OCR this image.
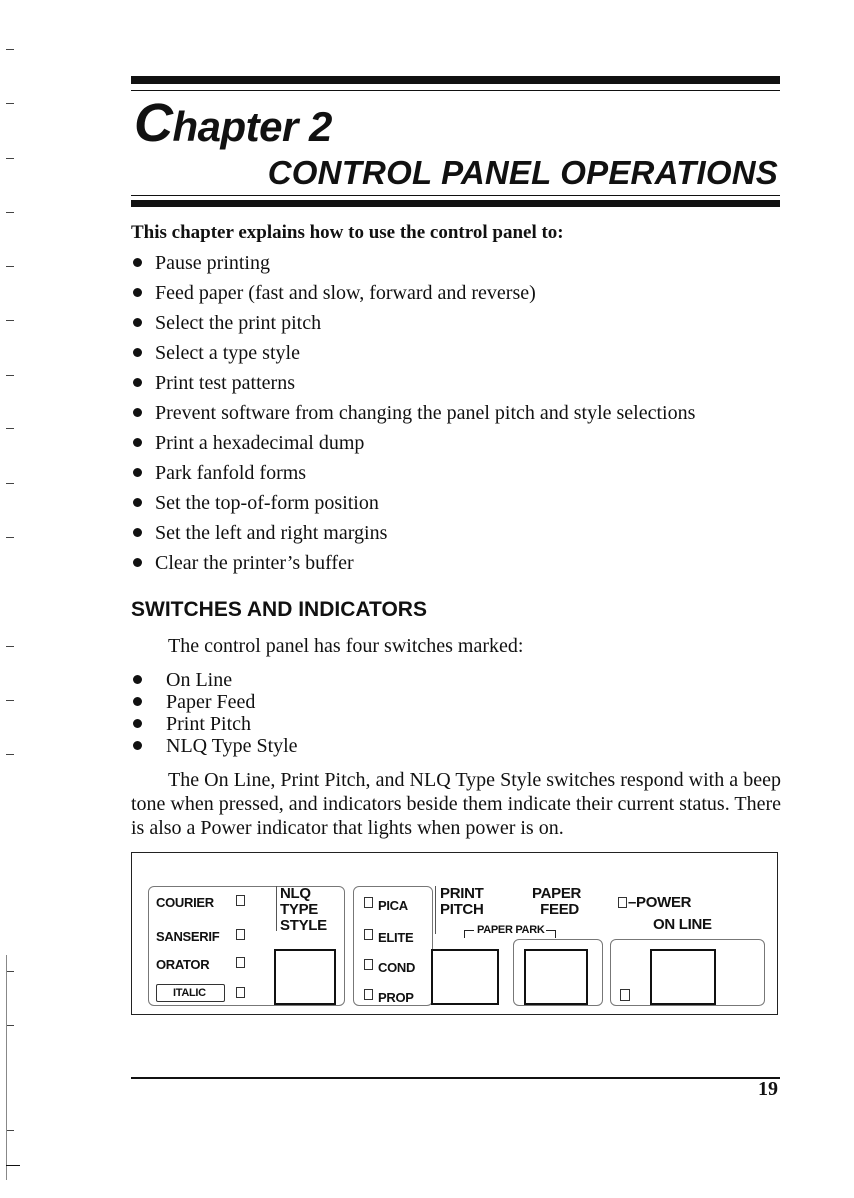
Chapter 2
CONTROL PANEL OPERATIONS

This chapter explains how to use the control panel to:

Pause printing
Feed paper (fast and slow, forward and reverse)
Select the print pitch
Select a type style
Print test patterns
Prevent software from changing the panel pitch and style selections
Print a hexadecimal dump
Park fanfold forms
Set the top-of-form position
Set the left and right margins
Clear the printer’s buffer
SWITCHES AND INDICATORS

The control panel has four switches marked:

On Line
Paper Feed
Print Pitch
NLQ Type Style

The On Line, Print Pitch, and NLQ Type Style switches respond with a beep tone when pressed, and indicators beside them indicate their current status. There is also a Power indicator that lights when power is on.

COURIER
SANSERIF
ORATOR
ITALIC
NLQ
TYPE
STYLE
PICA
ELITE
COND
PROP
PRINT
PITCH
PAPER
FEED
PAPER PARK
–POWER
ON LINE

19
